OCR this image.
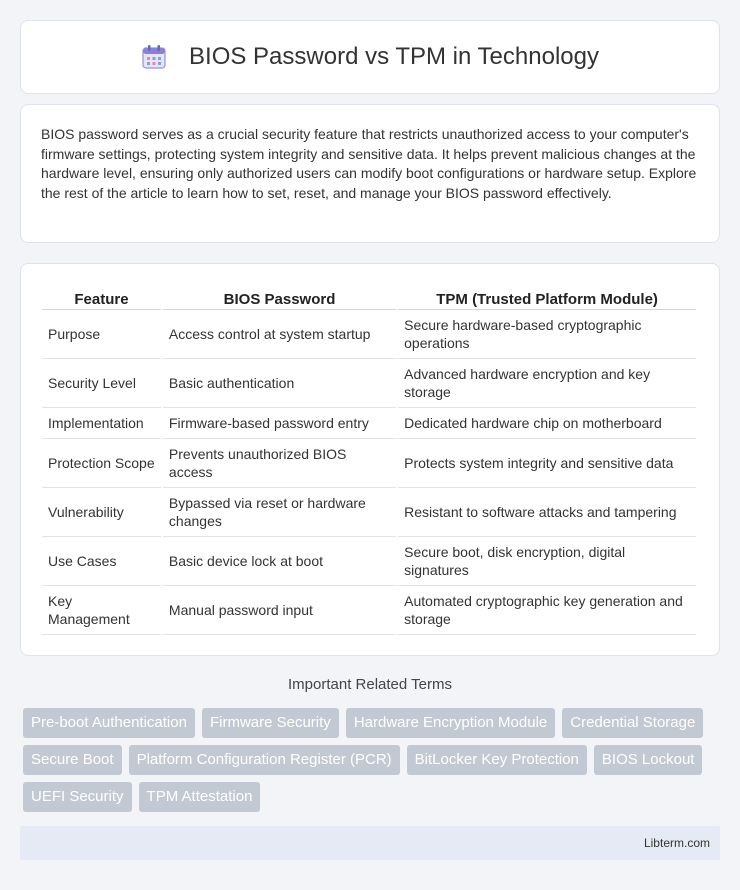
BIOS Password vs TPM in Technology

BIOS password serves as a crucial security feature that restricts unauthorized access to your computer's firmware settings, protecting system integrity and sensitive data. It helps prevent malicious changes at the hardware level, ensuring only authorized users can modify boot configurations or hardware setup. Explore the rest of the article to learn how to set, reset, and manage your BIOS password effectively.

Feature	BIOS Password	TPM (Trusted Platform Module)
Purpose	Access control at system startup	Secure hardware-based cryptographic operations
Security Level	Basic authentication	Advanced hardware encryption and key storage
Implementation	Firmware-based password entry	Dedicated hardware chip on motherboard
Protection Scope	Prevents unauthorized BIOS access	Protects system integrity and sensitive data
Vulnerability	Bypassed via reset or hardware changes	Resistant to software attacks and tampering
Use Cases	Basic device lock at boot	Secure boot, disk encryption, digital signatures
Key Management	Manual password input	Automated cryptographic key generation and storage
Important Related Terms
Pre-boot Authentication	Firmware Security	Hardware Encryption Module	Credential Storage
Secure Boot	Platform Configuration Register (PCR)	BitLocker Key Protection	BIOS Lockout
UEFI Security	TPM Attestation
Libterm.com
